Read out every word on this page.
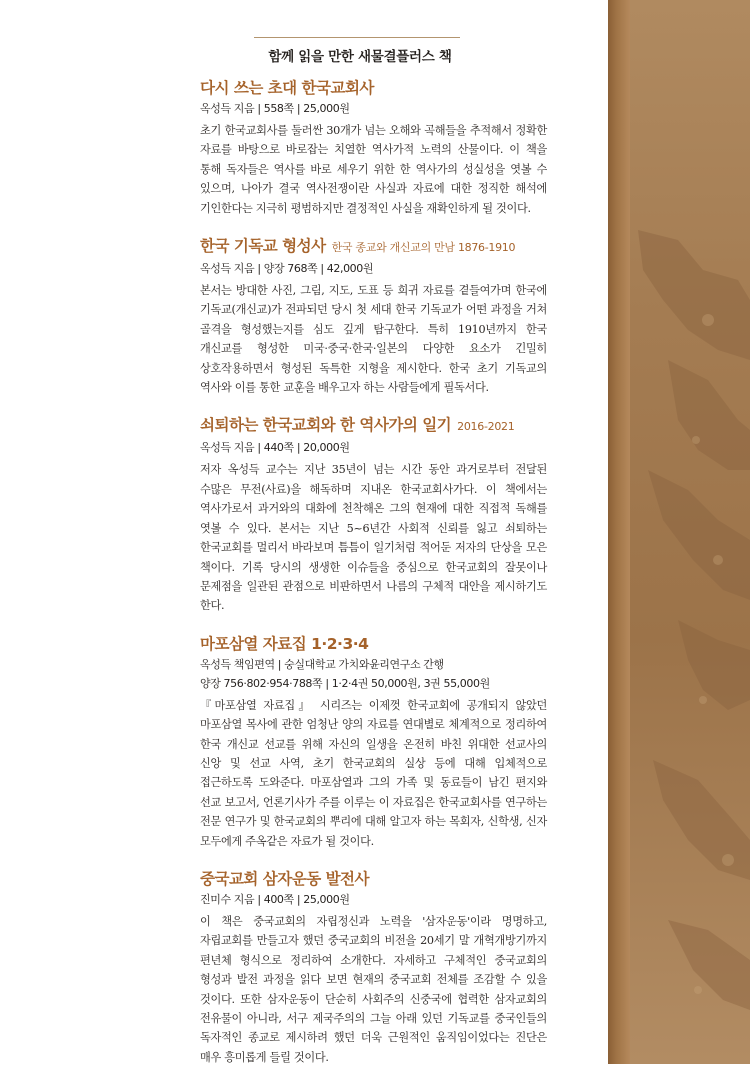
함께 읽을 만한 새물결플러스 책
다시 쓰는 초대 한국교회사
옥성득 지음 | 558쪽 | 25,000원

초기 한국교회사를 둘러싼 30개가 넘는 오해와 곡해들을 추적해서 정확한 자료를 바탕으로 바로잡는 치열한 역사가적 노력의 산물이다. 이 책을 통해 독자들은 역사를 바로 세우기 위한 한 역사가의 성실성을 엿볼 수 있으며, 나아가 결국 역사전쟁이란 사실과 자료에 대한 정직한 해석에 기인한다는 지극히 평범하지만 결정적인 사실을 재확인하게 될 것이다.

한국 기독교 형성사 한국 종교와 개신교의 만남 1876-1910
옥성득 지음 | 양장 768쪽 | 42,000원

본서는 방대한 사진, 그림, 지도, 도표 등 희귀 자료를 곁들여가며 한국에 기독교(개신교)가 전파되던 당시 첫 세대 한국 기독교가 어떤 과정을 거쳐 골격을 형성했는지를 심도 깊게 탐구한다. 특히 1910년까지 한국 개신교를 형성한 미국·중국·한국·일본의 다양한 요소가 긴밀히 상호작용하면서 형성된 독특한 지형을 제시한다. 한국 초기 기독교의 역사와 이를 통한 교훈을 배우고자 하는 사람들에게 필독서다.

쇠퇴하는 한국교회와 한 역사가의 일기 2016-2021
옥성득 지음 | 440쪽 | 20,000원

저자 옥성득 교수는 지난 35년이 넘는 시간 동안 과거로부터 전달된 수많은 무전(사료)을 해독하며 지내온 한국교회사가다. 이 책에서는 역사가로서 과거와의 대화에 천착해온 그의 현재에 대한 직접적 독해를 엿볼 수 있다. 본서는 지난 5~6년간 사회적 신뢰를 잃고 쇠퇴하는 한국교회를 멀리서 바라보며 틈틈이 일기처럼 적어둔 저자의 단상을 모은 책이다. 기록 당시의 생생한 이슈들을 중심으로 한국교회의 잘못이나 문제점을 일관된 관점으로 비판하면서 나름의 구체적 대안을 제시하기도 한다.

마포삼열 자료집 1·2·3·4
옥성득 책임편역 | 숭실대학교 가치와윤리연구소 간행
양장 756·802·954·788쪽 | 1·2·4권 50,000원, 3권 55,000원

『마포삼열 자료집』 시리즈는 이제껏 한국교회에 공개되지 않았던 마포삼열 목사에 관한 엄청난 양의 자료를 연대별로 체계적으로 정리하여 한국 개신교 선교를 위해 자신의 일생을 온전히 바친 위대한 선교사의 신앙 및 선교 사역, 초기 한국교회의 실상 등에 대해 입체적으로 접근하도록 도와준다. 마포삼열과 그의 가족 및 동료들이 남긴 편지와 선교 보고서, 언론기사가 주를 이루는 이 자료집은 한국교회사를 연구하는 전문 연구가 및 한국교회의 뿌리에 대해 알고자 하는 목회자, 신학생, 신자 모두에게 주옥같은 자료가 될 것이다.

중국교회 삼자운동 발전사
진미수 지음 | 400쪽 | 25,000원

이 책은 중국교회의 자립정신과 노력을 '삼자운동'이라 명명하고, 자립교회를 만들고자 했던 중국교회의 비전을 20세기 말 개혁개방기까지 편년체 형식으로 정리하여 소개한다. 자세하고 구체적인 중국교회의 형성과 발전 과정을 읽다 보면 현재의 중국교회 전체를 조감할 수 있을 것이다. 또한 삼자운동이 단순히 사회주의 신중국에 협력한 삼자교회의 전유물이 아니라, 서구 제국주의의 그늘 아래 있던 기독교를 중국인들의 독자적인 종교로 제시하려 했던 더욱 근원적인 움직임이었다는 진단은 매우 흥미롭게 들릴 것이다.
